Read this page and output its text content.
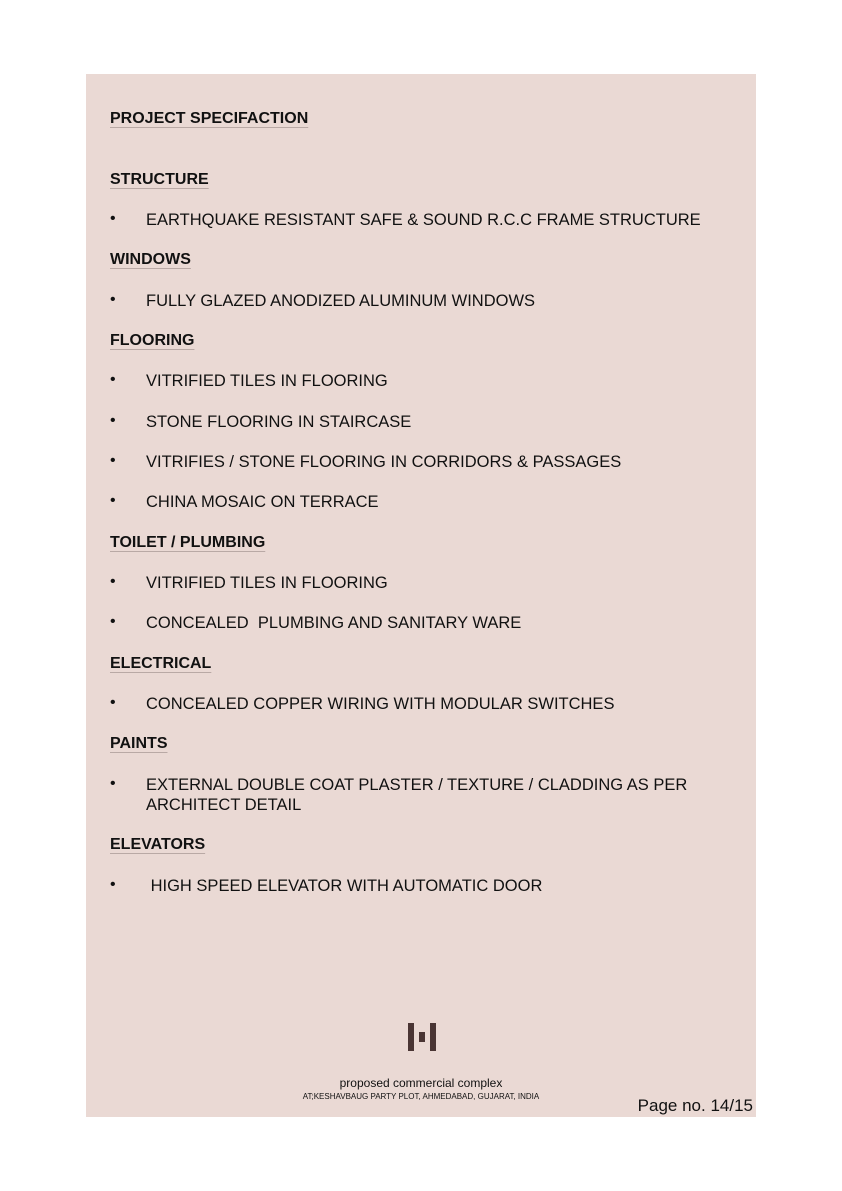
PROJECT SPECIFACTION
STRUCTURE
• EARTHQUAKE RESISTANT SAFE & SOUND R.C.C FRAME STRUCTURE
WINDOWS
• FULLY GLAZED ANODIZED ALUMINUM WINDOWS
FLOORING
• VITRIFIED TILES IN FLOORING
• STONE FLOORING IN STAIRCASE
• VITRIFIES / STONE FLOORING IN CORRIDORS & PASSAGES
• CHINA MOSAIC ON TERRACE
TOILET / PLUMBING
• VITRIFIED TILES IN FLOORING
• CONCEALED  PLUMBING AND SANITARY WARE
ELECTRICAL
• CONCEALED COPPER WIRING WITH MODULAR SWITCHES
PAINTS
• EXTERNAL DOUBLE COAT PLASTER / TEXTURE / CLADDING AS PER ARCHITECT DETAIL
ELEVATORS
• HIGH SPEED ELEVATOR WITH AUTOMATIC DOOR
proposed commercial complex
AT;KESHAVBAUG PARTY PLOT, AHMEDABAD, GUJARAT, INDIA	Page no. 14/15
